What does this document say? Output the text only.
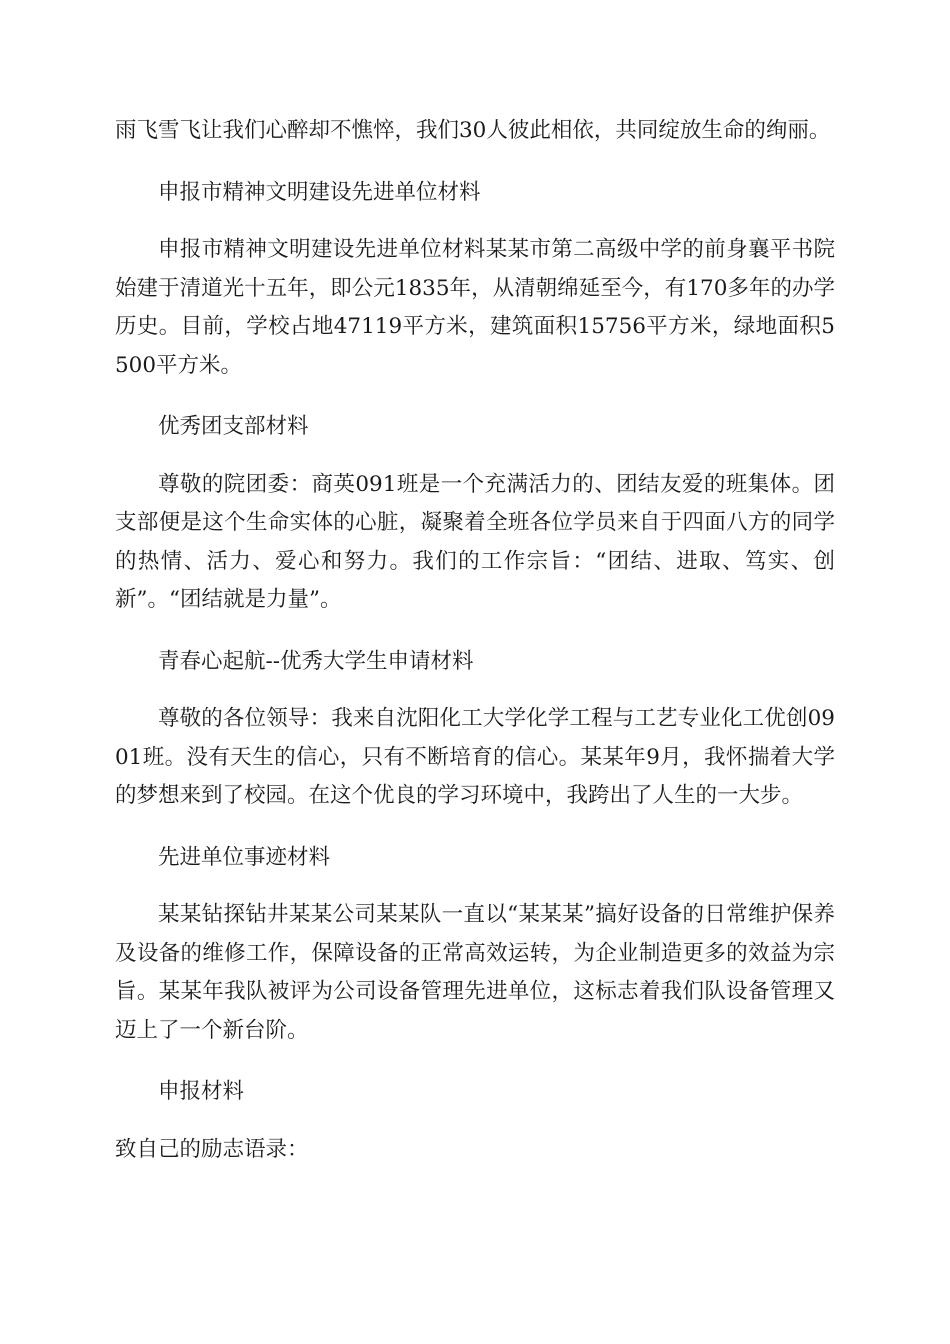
雨飞雪飞让我们心醉却不憔悴，我们30人彼此相依，共同绽放生命的绚丽。

申报市精神文明建设先进单位材料

申报市精神文明建设先进单位材料某某市第二高级中学的前身襄平书院始建于清道光十五年，即公元1835年，从清朝绵延至今，有170多年的办学历史。目前，学校占地47119平方米，建筑面积15756平方米，绿地面积5500平方米。

优秀团支部材料

尊敬的院团委：商英091班是一个充满活力的、团结友爱的班集体。团支部便是这个生命实体的心脏，凝聚着全班各位学员来自于四面八方的同学的热情、活力、爱心和努力。我们的工作宗旨：“团结、进取、笃实、创新”。“团结就是力量”。

青春心起航--优秀大学生申请材料

尊敬的各位领导：我来自沈阳化工大学化学工程与工艺专业化工优创0901班。没有天生的信心，只有不断培育的信心。某某年9月，我怀揣着大学的梦想来到了校园。在这个优良的学习环境中，我跨出了人生的一大步。

先进单位事迹材料

某某钻探钻井某某公司某某队一直以“某某某”搞好设备的日常维护保养及设备的维修工作，保障设备的正常高效运转，为企业制造更多的效益为宗旨。某某年我队被评为公司设备管理先进单位，这标志着我们队设备管理又迈上了一个新台阶。

申报材料

致自己的励志语录：
